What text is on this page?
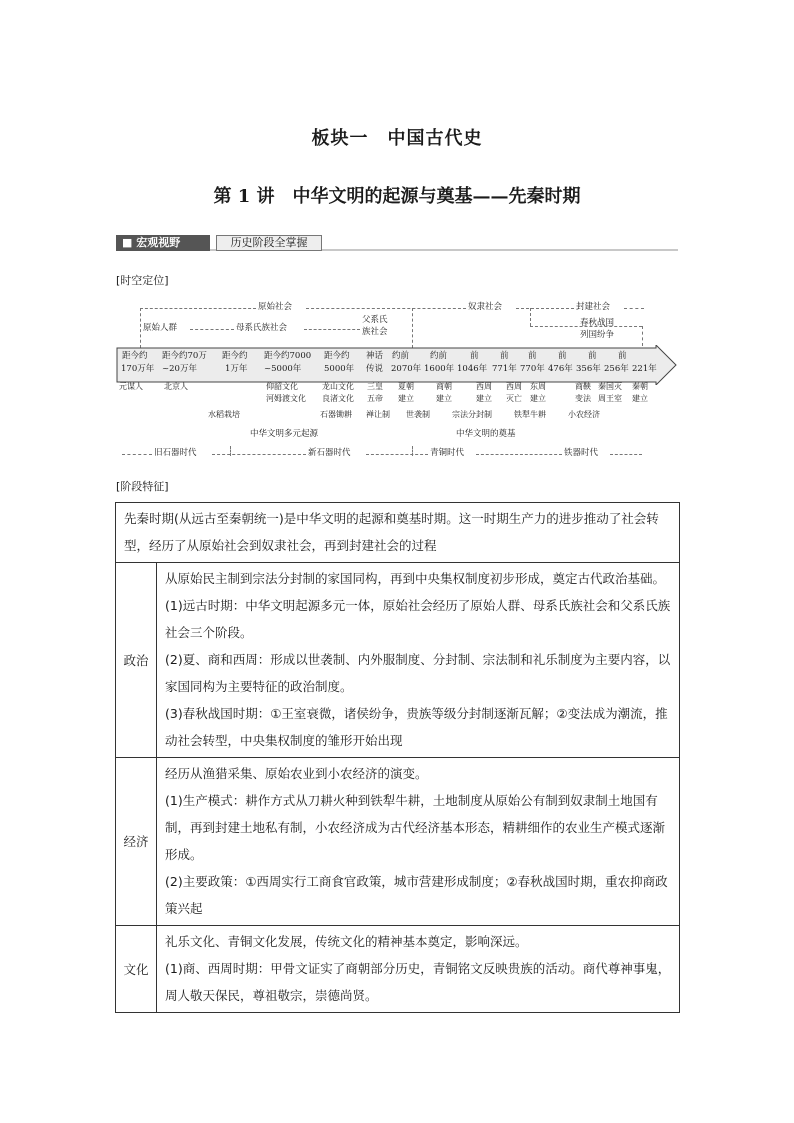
板块一　中国古代史
第 1 讲　中华文明的起源与奠基——先秦时期
■ 宏观视野	历史阶段全掌握
[时空定位]
原始社会	奴隶社会	封建社会
原始人群	母系氏族社会
父系氏
族社会
春秋战国
列国纷争
距今约 距今约70万 距今约 距今约7000 距今约 神话 约前 约前	前	前 前	前	前	前
170万年 ~20万年	1万年 ~5000年	5000年 传说 2070年 1600年 1046年 771年 770年 476年 356年 256年 221年
元谋人	北京人	仰韶文化	龙山文化 三皇 夏朝	商朝	西周 西周 东周	商鞅 秦国灭 秦朝
河姆渡文化 良渚文化 五帝 建立	建立	建立 灭亡 建立	变法 周王室 建立
水稻栽培	石器锄耕 禅让制 世袭制	宗法分封制	铁犁牛耕	小农经济
中华文明多元起源	中华文明的奠基
旧石器时代	新石器时代	青铜时代	铁器时代
[阶段特征]

先秦时期(从远古至秦朝统一)是中华文明的起源和奠基时期。这一时期生产力的进步推动了社会转型，经历了从原始社会到奴隶社会，再到封建社会的过程	

政治	从原始民主制到宗法分封制的家国同构，再到中央集权制度初步形成，奠定古代政治基础。

(1)远古时期：中华文明起源多元一体，原始社会经历了原始人群、母系氏族社会和父系氏族社会三个阶段。

(2)夏、商和西周：形成以世袭制、内外服制度、分封制、宗法制和礼乐制度为主要内容，以家国同构为主要特征的政治制度。

(3)春秋战国时期：①王室衰微，诸侯纷争，贵族等级分封制逐渐瓦解；②变法成为潮流，推动社会转型，中央集权制度的雏形开始出现

经济	经历从渔猎采集、原始农业到小农经济的演变。

(1)生产模式：耕作方式从刀耕火种到铁犁牛耕，土地制度从原始公有制到奴隶制土地国有制，再到封建土地私有制，小农经济成为古代经济基本形态，精耕细作的农业生产模式逐渐形成。

(2)主要政策：①西周实行工商食官政策，城市营建形成制度；②春秋战国时期，重农抑商政策兴起

文化	礼乐文化、青铜文化发展，传统文化的精神基本奠定，影响深远。

(1)商、西周时期：甲骨文证实了商朝部分历史，青铜铭文反映贵族的活动。商代尊神事鬼，周人敬天保民，尊祖敬宗，崇德尚贤。
